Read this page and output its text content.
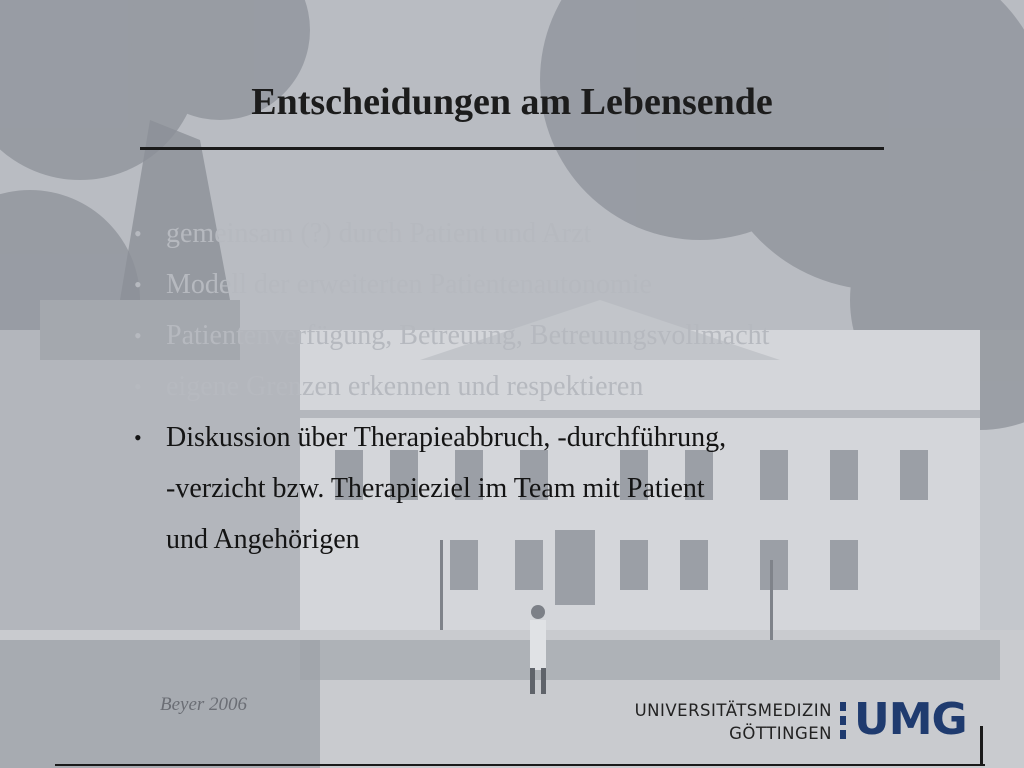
Entscheidungen am Lebensende
• gemeinsam (?) durch Patient und Arzt
• Modell der erweiterten Patientenautonomie
• Patientenverfügung, Betreuung, Betreuungsvollmacht
• eigene Grenzen erkennen und respektieren
• Diskussion über Therapieabbruch, -durchführung,
-verzicht bzw. Therapieziel im Team mit Patient
und Angehörigen
Beyer 2006	UNIVERSITÄTSMEDIZIN
GÖTTINGEN UMG
